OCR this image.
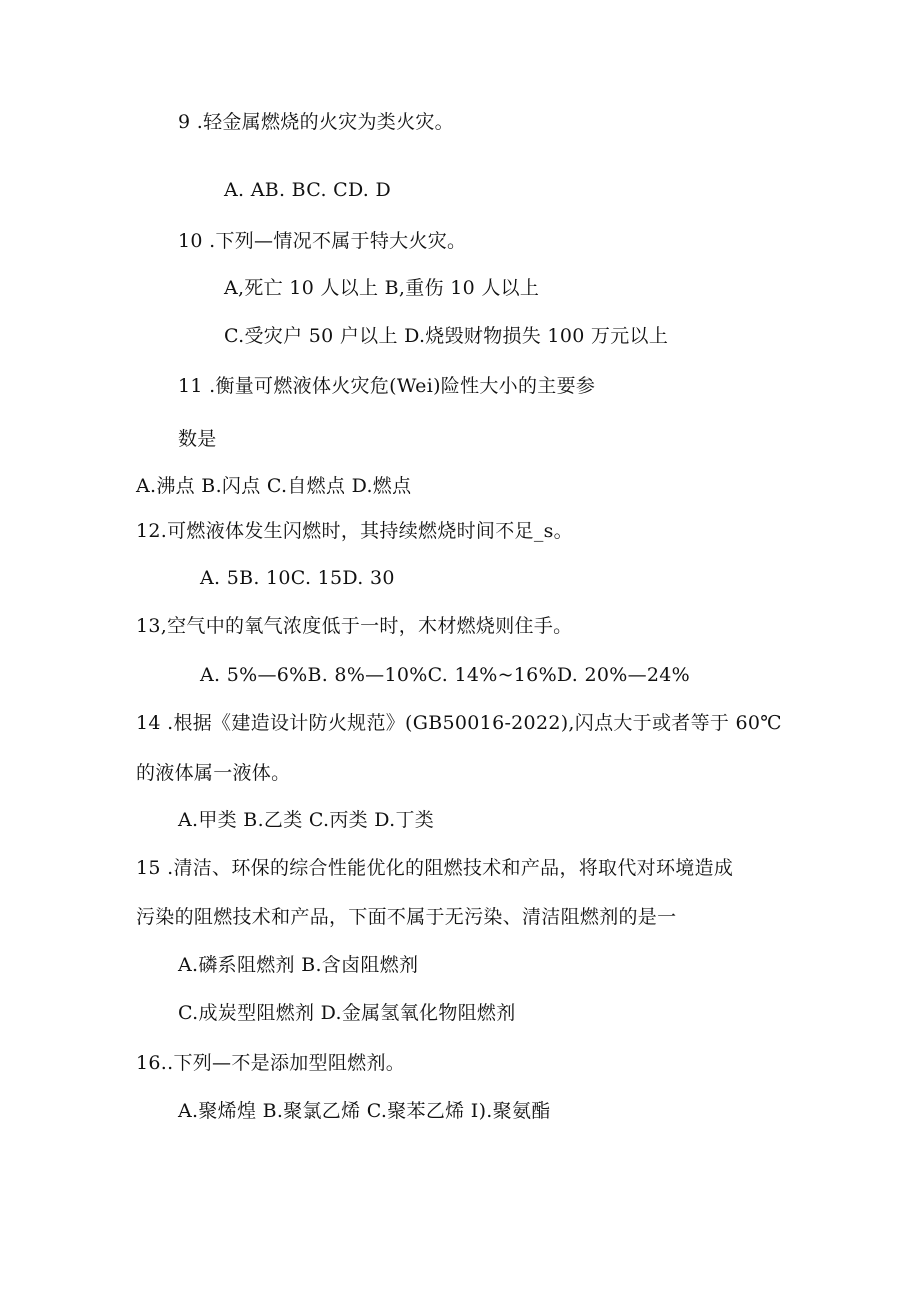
9 .轻金属燃烧的火灾为类火灾。
A. AB. BC. CD. D
10 .下列—情况不属于特大火灾。
A,死亡 10 人以上 B,重伤 10 人以上
C.受灾户 50 户以上 D.烧毁财物损失 100 万元以上
11 .衡量可燃液体火灾危(Wei)险性大小的主要参
数是
A.沸点 B.闪点 C.自燃点 D.燃点
12.可燃液体发生闪燃时，其持续燃烧时间不足_s。
A. 5B. 10C. 15D. 30
13,空气中的氧气浓度低于一时，木材燃烧则住手。
A. 5%—6%B. 8%—10%C. 14%~16%D. 20%—24%
14 .根据《建造设计防火规范》(GB50016-2022),闪点大于或者等于 60℃
的液体属一液体。
A.甲类 B.乙类 C.丙类 D.丁类
15 .清洁、环保的综合性能优化的阻燃技术和产品，将取代对环境造成
污染的阻燃技术和产品，下面不属于无污染、清洁阻燃剂的是一
A.磷系阻燃剂 B.含卤阻燃剂
C.成炭型阻燃剂 D.金属氢氧化物阻燃剂
16..下列—不是添加型阻燃剂。
A.聚烯煌 B.聚氯乙烯 C.聚苯乙烯 I).聚氨酯
